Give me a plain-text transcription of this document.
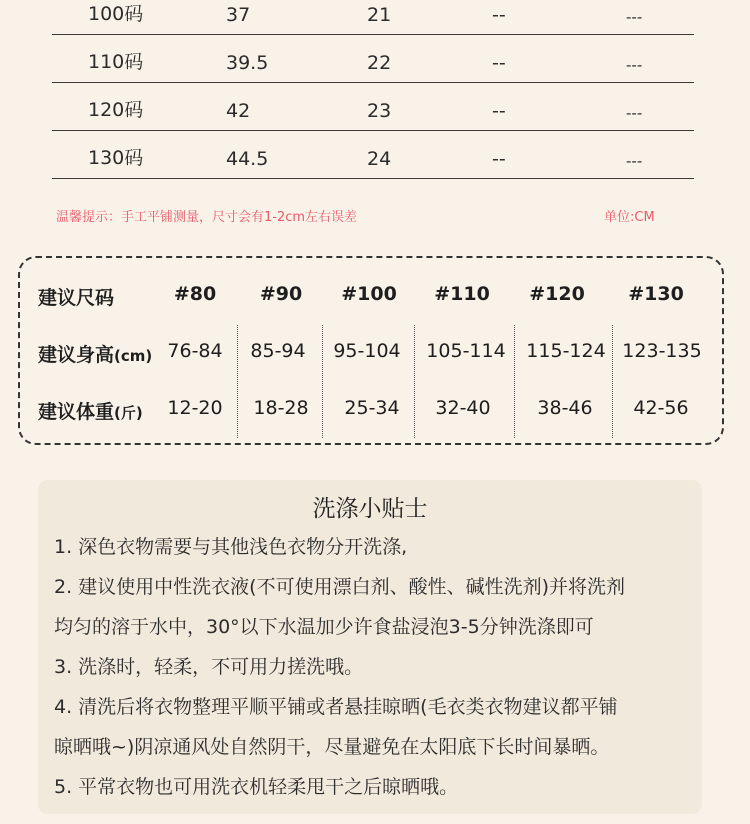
100码	37	21	--	---
110码	39.5	22	--	---
120码	42	23	--	---
130码	44.5	24	--	---
温馨提示：手工平铺测量，尺寸会有1-2cm左右误差	单位:CM
建议尺码	#80 #90 #100 #110 #120 #130
建议身高(cm) 76-84 85-94 95-104 105-114 115-124 123-135
建议体重(斤) 12-20 18-28 25-34 32-40 38-46 42-56
洗涤小贴士
1. 深色衣物需要与其他浅色衣物分开洗涤,
2. 建议使用中性洗衣液(不可使用漂白剂、酸性、碱性洗剂)并将洗剂
均匀的溶于水中，30°以下水温加少许食盐浸泡3-5分钟洗涤即可
3. 洗涤时，轻柔，不可用力搓洗哦。
4. 清洗后将衣物整理平顺平铺或者悬挂晾晒(毛衣类衣物建议都平铺
晾晒哦~)阴凉通风处自然阴干，尽量避免在太阳底下长时间暴晒。
5. 平常衣物也可用洗衣机轻柔甩干之后晾晒哦。
